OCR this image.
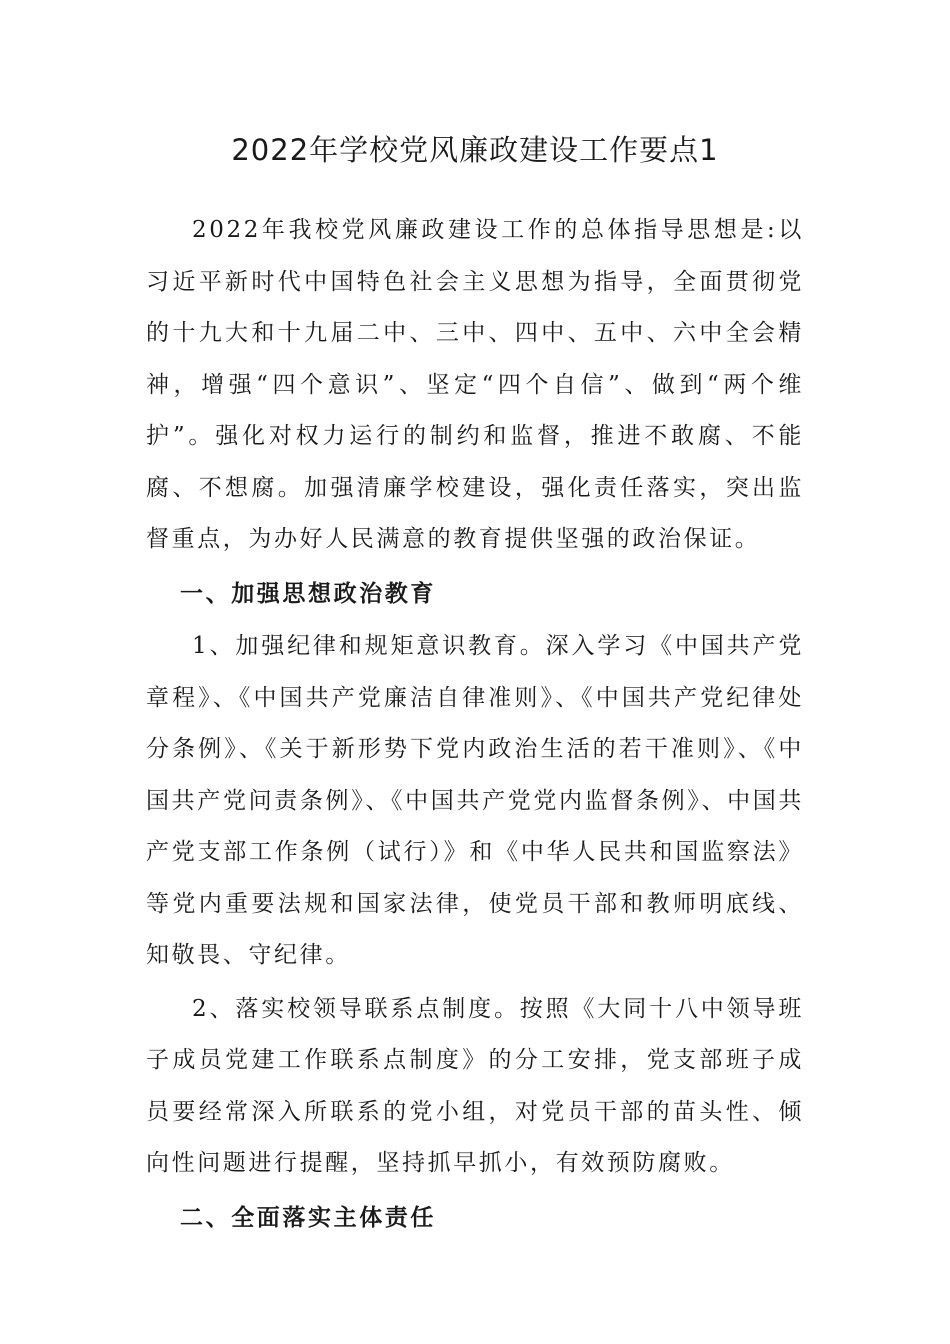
2022年学校党风廉政建设工作要点1

2022年我校党风廉政建设工作的总体指导思想是:以习近平新时代中国特色社会主义思想为指导，全面贯彻党的十九大和十九届二中、三中、四中、五中、六中全会精神，增强“四个意识”、坚定“四个自信”、做到“两个维护”。强化对权力运行的制约和监督，推进不敢腐、不能腐、不想腐。加强清廉学校建设，强化责任落实，突出监督重点，为办好人民满意的教育提供坚强的政治保证。

一、加强思想政治教育

1、加强纪律和规矩意识教育。深入学习《中国共产党章程》、《中国共产党廉洁自律准则》、《中国共产党纪律处分条例》、《关于新形势下党内政治生活的若干准则》、《中国共产党问责条例》、《中国共产党党内监督条例》、中国共产党支部工作条例（试行）》和《中华人民共和国监察法》等党内重要法规和国家法律，使党员干部和教师明底线、知敬畏、守纪律。

2、落实校领导联系点制度。按照《大同十八中领导班子成员党建工作联系点制度》的分工安排，党支部班子成员要经常深入所联系的党小组，对党员干部的苗头性、倾向性问题进行提醒，坚持抓早抓小，有效预防腐败。

二、全面落实主体责任
